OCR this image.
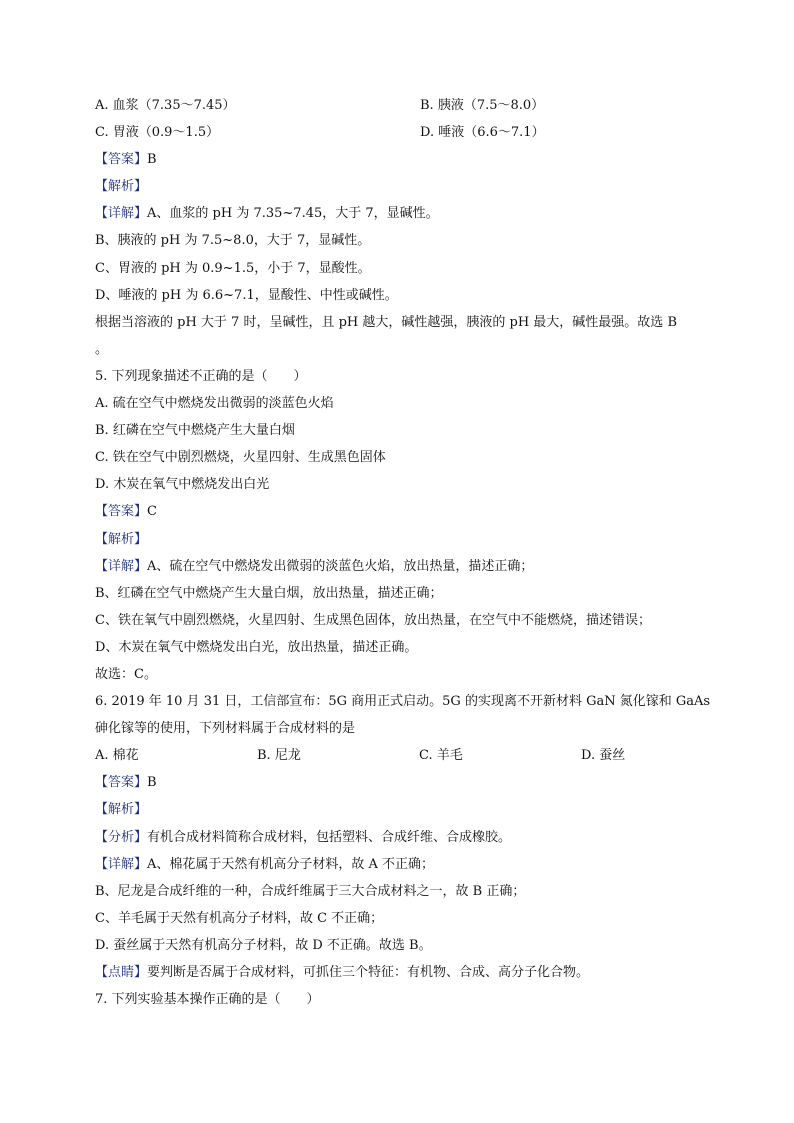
A. 血浆（7.35～7.45）	B. 胰液（7.5～8.0）
C. 胃液（0.9～1.5）	D. 唾液（6.6～7.1）
【答案】B
【解析】
【详解】A、血浆的 pH 为 7.35~7.45，大于 7，显碱性。
B、胰液的 pH 为 7.5~8.0，大于 7，显碱性。
C、胃液的 pH 为 0.9~1.5，小于 7，显酸性。
D、唾液的 pH 为 6.6~7.1，显酸性、中性或碱性。
根据当溶液的 pH 大于 7 时，呈碱性，且 pH 越大，碱性越强，胰液的 pH 最大，碱性最强。故选 B
。
5. 下列现象描述不正确的是（　　）
A. 硫在空气中燃烧发出微弱的淡蓝色火焰
B. 红磷在空气中燃烧产生大量白烟
C. 铁在空气中剧烈燃烧，火星四射、生成黑色固体
D. 木炭在氧气中燃烧发出白光
【答案】C
【解析】
【详解】A、硫在空气中燃烧发出微弱的淡蓝色火焰，放出热量，描述正确；
B、红磷在空气中燃烧产生大量白烟，放出热量，描述正确；
C、铁在氧气中剧烈燃烧，火星四射、生成黑色固体，放出热量，在空气中不能燃烧，描述错误；
D、木炭在氧气中燃烧发出白光，放出热量，描述正确。
故选：C。
6. 2019 年 10 月 31 日，工信部宣布：5G 商用正式启动。5G 的实现离不开新材料 GaN 氮化镓和 GaAs
砷化镓等的使用，下列材料属于合成材料的是
A. 棉花	B. 尼龙	C. 羊毛	D. 蚕丝
【答案】B
【解析】
【分析】有机合成材料简称合成材料，包括塑料、合成纤维、合成橡胶。
【详解】A、棉花属于天然有机高分子材料，故 A 不正确；
B、尼龙是合成纤维的一种，合成纤维属于三大合成材料之一，故 B 正确；
C、羊毛属于天然有机高分子材料，故 C 不正确；
D. 蚕丝属于天然有机高分子材料，故 D 不正确。故选 B。
【点睛】要判断是否属于合成材料，可抓住三个特征：有机物、合成、高分子化合物。
7. 下列实验基本操作正确的是（　　）
